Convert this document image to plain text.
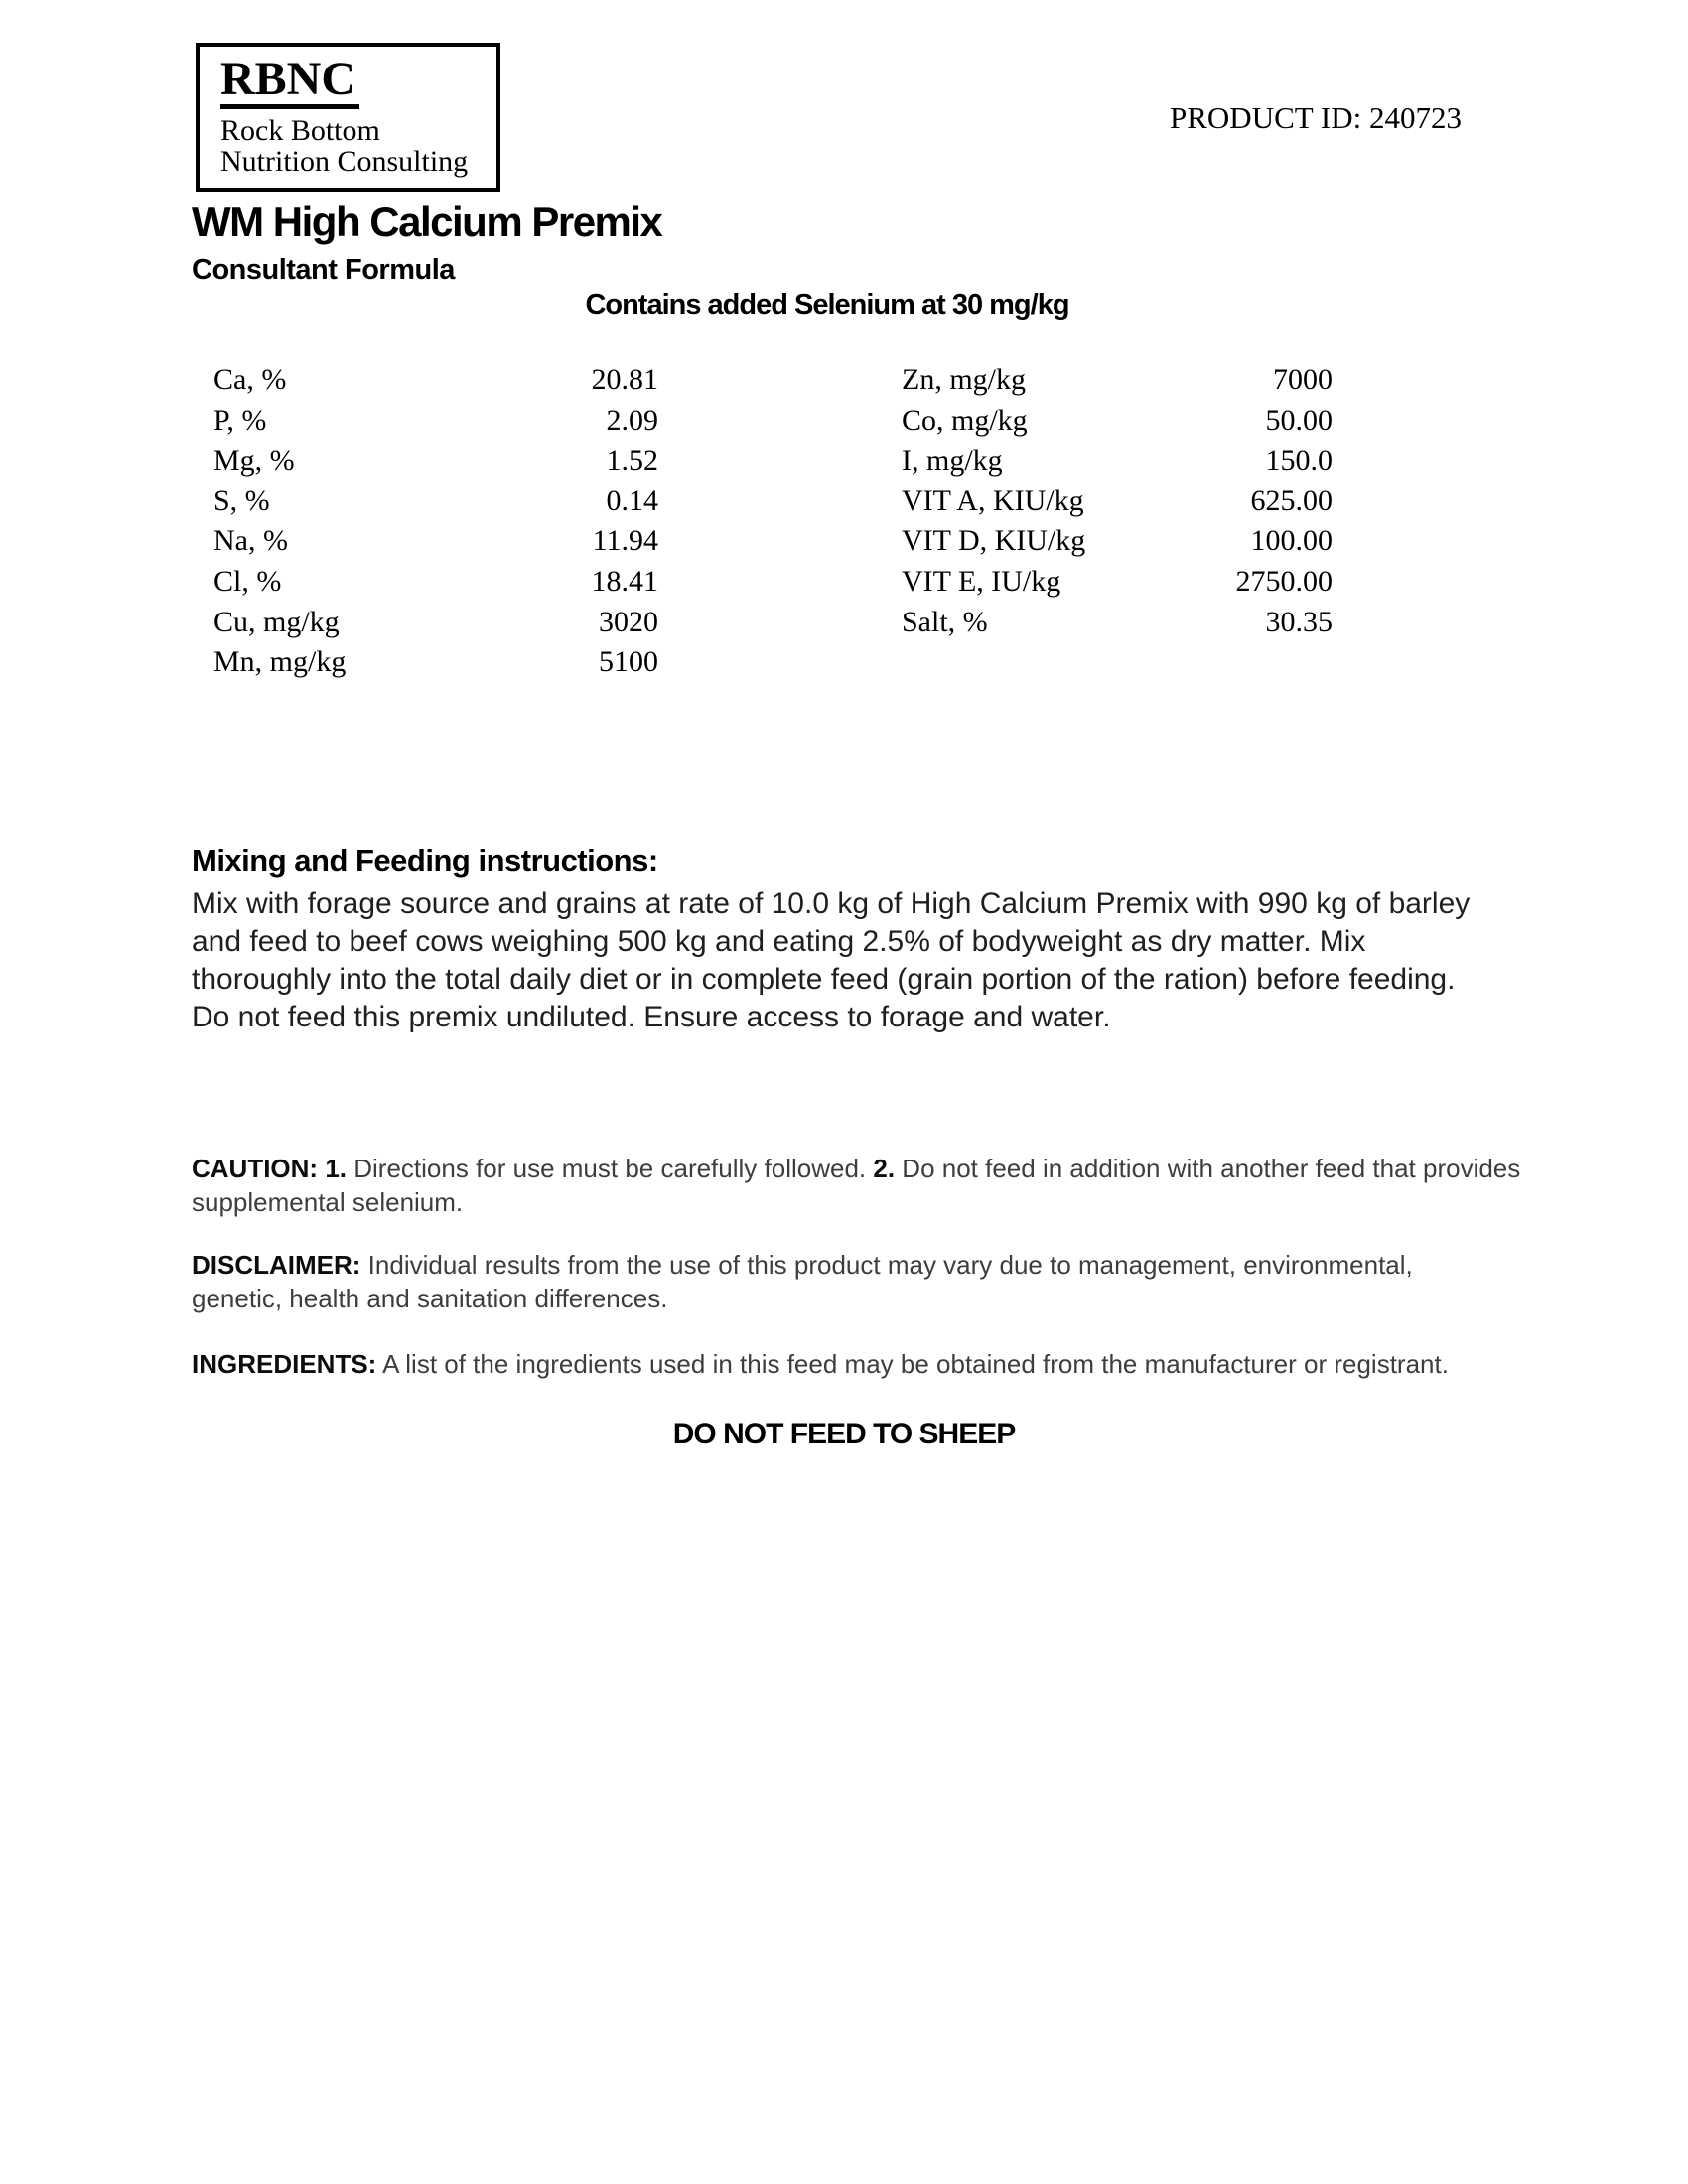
RBNC
Rock Bottom
Nutrition Consulting
PRODUCT ID: 240723
WM High Calcium Premix
Consultant Formula
Contains added Selenium at 30 mg/kg
Ca, %	20.81
P, %	2.09
Mg, %	1.52
S, %	0.14
Na, %	11.94
Cl, %	18.41
Cu, mg/kg	3020
Mn, mg/kg	5100
Zn, mg/kg	7000
Co, mg/kg	50.00
I, mg/kg	150.0
VIT A, KIU/kg	625.00
VIT D, KIU/kg	100.00
VIT E, IU/kg	2750.00
Salt, %	30.35
Mixing and Feeding instructions:
Mix with forage source and grains at rate of 10.0 kg of High Calcium Premix with 990 kg of barley and feed to beef cows weighing 500 kg and eating 2.5% of bodyweight as dry matter. Mix thoroughly into the total daily diet or in complete feed (grain portion of the ration) before feeding. Do not feed this premix undiluted. Ensure access to forage and water.
CAUTION: 1. Directions for use must be carefully followed. 2. Do not feed in addition with another feed that provides supplemental selenium.
DISCLAIMER: Individual results from the use of this product may vary due to management, environmental, genetic, health and sanitation differences.
INGREDIENTS: A list of the ingredients used in this feed may be obtained from the manufacturer or registrant.
DO NOT FEED TO SHEEP
